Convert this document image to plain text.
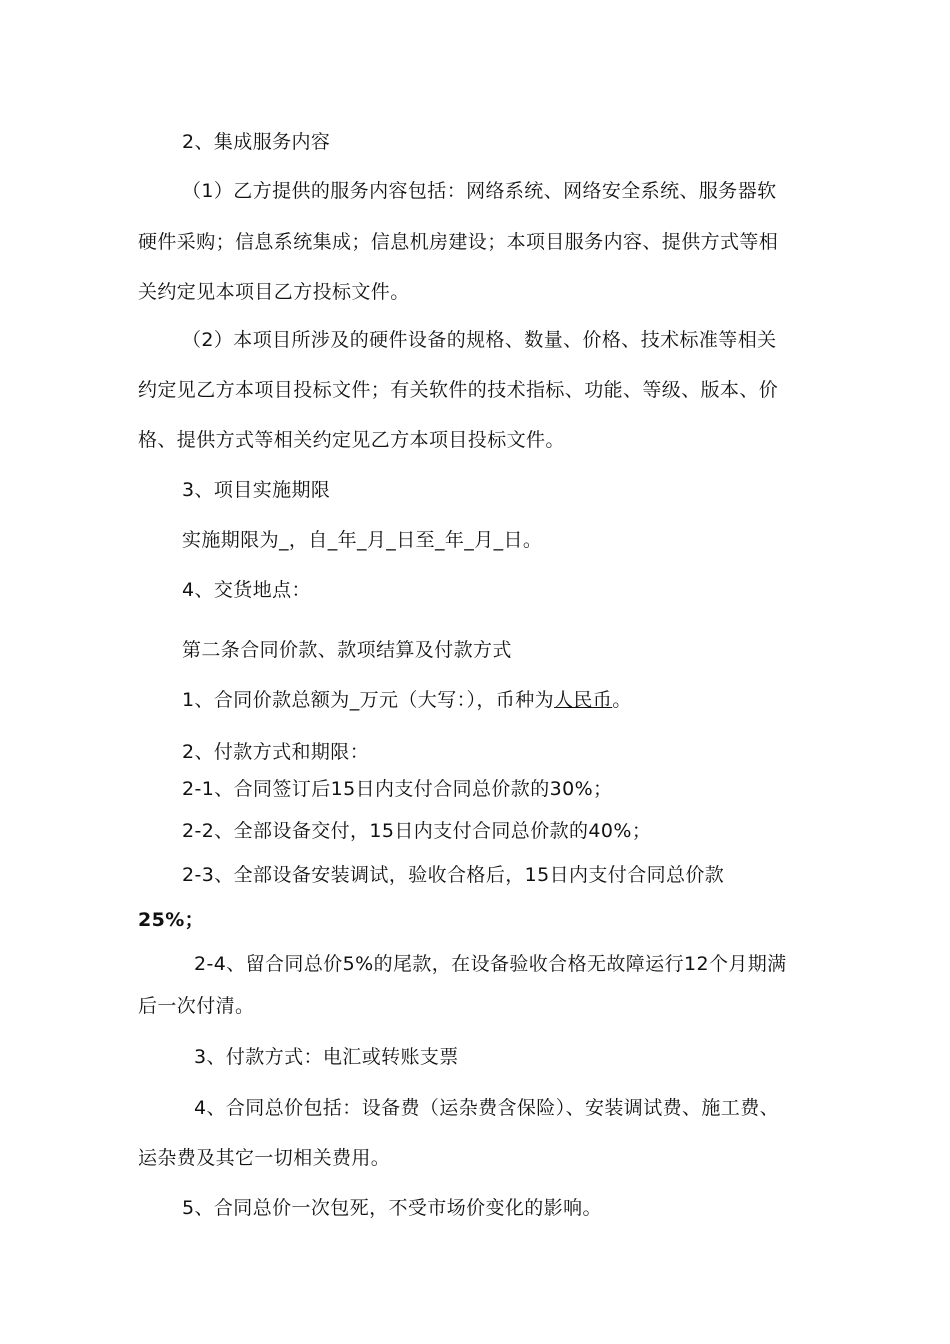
2、集成服务内容
（1）乙方提供的服务内容包括：网络系统、网络安全系统、服务器软
硬件采购；信息系统集成；信息机房建设；本项目服务内容、提供方式等相
关约定见本项目乙方投标文件。
（2）本项目所涉及的硬件设备的规格、数量、价格、技术标准等相关
约定见乙方本项目投标文件；有关软件的技术指标、功能、等级、版本、价
格、提供方式等相关约定见乙方本项目投标文件。
3、项目实施期限
实施期限为_，自_年_月_日至_年_月_日。
4、交货地点：
第二条合同价款、款项结算及付款方式
1、合同价款总额为_万元（大写：），币种为人民币。
2、付款方式和期限：
2-1、合同签订后15日内支付合同总价款的30%；
2-2、全部设备交付，15日内支付合同总价款的40%；
2-3、全部设备安装调试，验收合格后，15日内支付合同总价款
25%；
2-4、留合同总价5%的尾款，在设备验收合格无故障运行12个月期满
后一次付清。
3、付款方式：电汇或转账支票
4、合同总价包括：设备费（运杂费含保险）、安装调试费、施工费、
运杂费及其它一切相关费用。
5、合同总价一次包死，不受市场价变化的影响。
